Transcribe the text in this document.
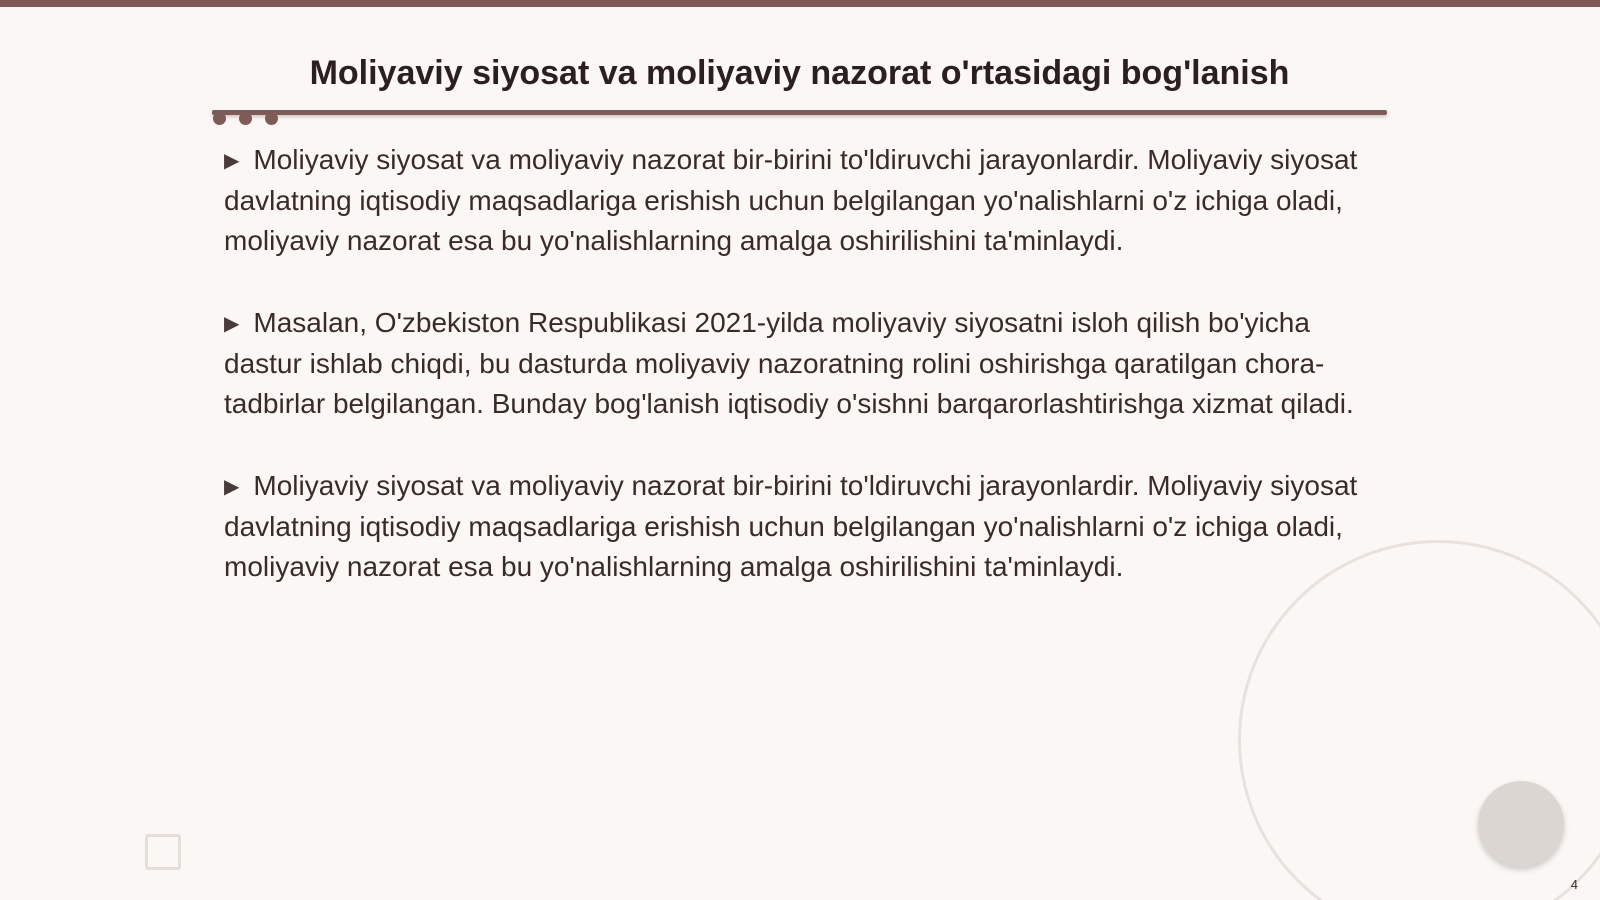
Moliyaviy siyosat va moliyaviy nazorat o'rtasidagi bog'lanish

▶ Moliyaviy siyosat va moliyaviy nazorat bir-birini to'ldiruvchi jarayonlardir. Moliyaviy siyosat davlatning iqtisodiy maqsadlariga erishish uchun belgilangan yo'nalishlarni o'z ichiga oladi, moliyaviy nazorat esa bu yo'nalishlarning amalga oshirilishini ta'minlaydi.

▶ Masalan, O'zbekiston Respublikasi 2021-yilda moliyaviy siyosatni isloh qilish bo'yicha dastur ishlab chiqdi, bu dasturda moliyaviy nazoratning rolini oshirishga qaratilgan chora-tadbirlar belgilangan. Bunday bog'lanish iqtisodiy o'sishni barqarorlashtirishga xizmat qiladi.

▶ Moliyaviy siyosat va moliyaviy nazorat bir-birini to'ldiruvchi jarayonlardir. Moliyaviy siyosat davlatning iqtisodiy maqsadlariga erishish uchun belgilangan yo'nalishlarni o'z ichiga oladi, moliyaviy nazorat esa bu yo'nalishlarning amalga oshirilishini ta'minlaydi.

4
